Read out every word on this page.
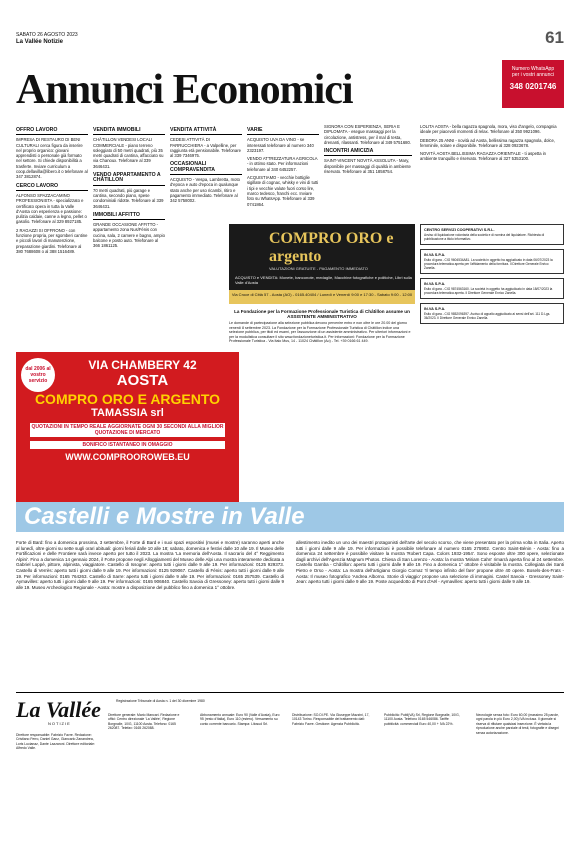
SABATO 26 AGOSTO 2023
La Vallée Notizie	61
Annunci Economici	Numero WhatsApp
per i vostri annunci
348 0201746
OFFRO LAVORO

IMPRESA DI RESTAURO DI BENI CULTURALI cerca figura da inserire nel proprio organico: giovani apprendisti o personale già formato nel settore. Si chiede disponibilità a trasferte. Inviare curriculum a coop.dellavilla@libero.it o telefonare al 347 3812874.

CERCO LAVORO

ALFONSO SPAZZACAMINO PROFESSIONISTA - specializzato e certificato opera in tutta la Valle d'Aosta con esperienza e passione: pulizia caldaie, canne a legno, pellet o gasolio. Telefonare al 329 8927185.

2 RAGAZZI SI OFFRONO - con funzione propria, per sgomberi cantine e piccoli lavori di manutenzione, preparazione giardini. Telefonare al 380 7688608 o al 388 1516489.

VENDITA IMMOBILI

CHÂTILLON VENDESI LOCALI COMMERCIALE - piano terreno soleggiato di 50 metri quadrati, più 35 metri quadrati di cantina, affacciato su via Chanoux. Telefonare al 339 3646431.

VENDO APPARTAMENTO A CHÂTILLON

70 metri quadrati, più garage e cantina, secondo piano, spese condominiali ridotte. Telefonare al 339 3646431.

IMMOBILI AFFITTO

GRANDE OCCASIONE AFFITTO - appartamento zona Nus/Fénis con cucina, sala, 2 camere e bagno, ampio balcone e posto auto. Telefonare al 366 1861125.

VENDITA ATTIVITÀ

CEDESI ATTIVITÀ DI PARRUCCHIERA - a Valpelline, per raggiunta età pensionabile. Telefonare al 339 7346975.

OCCASIONALI COMPRAVENDITA

ACQUISTO - Vespa, Lambretta, moto d'epoca e auto d'epoca in qualunque stato anche per uso ricambi, ritiro e pagamento immediato. Telefonare al 342 5758002.

VARIE

ACQUISTO UVA DA VINO - se interessati telefonare al numero 340 2323197.

VENDO ATTREZZATURA AGRICOLA - in ottimo stato. Per informazioni telefonare al 340 6452257.

ACQUISTIAMO - vecchie bottiglie sigillate di cognac, whisky e vini di tutti i tipi e vecchie valute fuori corso lire, marco tedesco, franchi ecc. Inviare foto su WhatsApp. Telefonare al 339 0741864.

SIGNORA CON ESPERIENZA, SERIA E DIPLOMATA - esegue massaggi per la circolazione, antistress, per il mal di testa, drenanti, rilassanti. Telefonare al 349 5751680.

INCONTRI AMICIZIA

SAINT-VINCENT NOVITÀ ASSOLUTA - Mary, disponibile per massaggi di qualità in ambiente riservato. Telefonare al 351 1858754.

LOLITA AOSTA - bella ragazza spagnola, mora, viso d'angelo, compagnia ideale per piacevoli momenti di relax. Telefonare al 350 9921096.

DEBORA 25 ANNI - novità ad Aosta, bellissima ragazza spagnola, dolce, femminile, solare e disponibile. Telefonare al 328 0923678.

NOVITÀ AOSTA BELLISSIMA RAGAZZA ORIENTALE - ti aspetta in ambiente tranquillo e riservato. Telefonare al 327 5353100.

dal 2006 al vostro servizio
VIA CHAMBERY 42
AOSTA
COMPRO ORO E ARGENTO
TAMASSIA srl
QUOTAZIONI IN TEMPO REALE AGGIORNATE OGNI 30 SECONDI ALLA MIGLIOR QUOTAZIONE DI MERCATO
BONIFICO ISTANTANEO IN OMAGGIO
WWW.COMPROOROWEB.EU
COMPRO ORO e argento
VALUTAZIONI GRATUITE - PAGAMENTO IMMEDIATO
ACQUISTO e VENDITA: Monete, banconote, medaglie, Macchine fotografiche e politiche, Libri sulla Valle d'Aosta
Via Croce di Città 57 - Aosta (AO) - 0165.40404 / Lunedì e Venerdì 9:00 e 17:30 - Sabato 9:00 - 12:00
La Fondazione per la Formazione Professionale Turistica di Châtillon assume un ASSISTENTE AMMINISTRATIVO
Le domande di partecipazione alla selezione pubblica devono pervenire entro e non oltre le ore 20.00 del giorno venerdì 8 settembre 2023. La Fondazione per la Formazione Professionale Turistica di Châtillon indice una selezione pubblica, per titoli ed esami, per l'assunzione di un assistente amministrativo. Per ulteriori informazioni e per la modulistica consultare il sito www.fondazioneturistica.it. Per informazioni: Fondazione per la Formazione Professionale Turistica - Via Italo Mus, 14 - 11024 Châtillon (Ao) - Tel. +39 0166 61 449.
CENTRO SERVIZI COOPERATIVI S.R.L.
Avviso di liquidazione volontaria della società e di nomina del liquidatore. Richiesta di pubblicazione a titolo informativo.
IN.VA S.P.A.
Esito di gara - CIG 9604534A81. La società in oggetto ha aggiudicato in data 06/07/2023 la procedura telematica aperta per l'affidamento della fornitura. Il Direttore Generale Enrico Zanella.
IN.VA S.P.A.
Esito di gara - CIG 9874563160. La società in oggetto ha aggiudicato in data 18/07/2023 la procedura telematica aperta. Il Direttore Generale Enrico Zanella.
IN.VA S.P.A.
Esito di gara - CIG 9852096397. Avviso di appalto aggiudicato ai sensi dell'art. 111 D.Lgs. 36/2023. Il Direttore Generale Enrico Zanella.
Castelli e Mostre in Valle
Forte di Bard: fino a domenica prossima, 3 settembre, il Forte di Bard e i suoi spazi espositivi (musei e mostre) saranno aperti anche al lunedì, oltre giorni su sette sugli orari abituali: giorni feriali dalle 10 alle 18; sabato, domenica e festivi dalle 10 alle 19. Il Museo delle Fortificazioni e delle Frontiere sarà invece aperto per tutto il 2023. La mostra 'La memoria dell'Aosta. Il sacrario del 4° Reggimento Alpini'. Fino a domenica 14 gennaio 2024, il Forte propone negli Alloggiamenti del Museo delle Alpi una mostra interamente dedicata a Gabriel Loppé, pittore, alpinista, viaggiatore. Castello di Issogne: aperto tutti i giorni dalle 9 alle 19. Per informazioni: 0125 929373. Castello di Verrès: aperto tutti i giorni dalle 9 alle 19. Per informazioni: 0125 929067. Castello di Fénis: aperto tutti i giorni dalle 9 alle 19. Per informazioni: 0165 764263. Castello di Sarre: aperto tutti i giorni dalle 9 alle 19. Per informazioni: 0165 257539. Castello di Aymavilles: aperto tutti i giorni dalle 9 alle 19. Per informazioni: 0165 906840. Castello Savoia di Gressoney: aperto tutti i giorni dalle 9 alle 19. Museo Archeologico Regionale - Aosta: mostre a disposizione del pubblico fino a domenica 1° ottobre.
allestimento inedito un uno dei maestri protagonisti dell'arte del secolo scorso, che viene presentato per la prima volta in Italia. Aperto tutti i giorni dalle 9 alle 19. Per informazioni è possibile telefonare al numero 0165 275902. Centro Saint-Bénin - Aosta: fino a domenica 24 settembre è possibile visitare la mostra 'Robert Capa. Colors 1932-1954'. Sono esposte oltre 300 opere, selezionate dagli archivi dell'Agenzia Magnum Photos. Chiesa di San Lorenzo - Aosta: la mostra 'Miriam Cahn' rimarrà aperta fino al 24 settembre. Castello Gamba - Châtillon: aperto tutti i giorni dalle 9 alle 19. Fino a domenica 1° ottobre è visitabile la mostra. Collegiata dei Santi Pietro e Orso - Aosta: La mostra dell'artigiano Giorgio Cornaz 'Il tempo infinito del fare' propone oltre 40 opere. Bosels-des-Frats - Aosta: Il museo fotografico 'Andrea Alborno. Storie di viaggio' propone una selezione di immagini. Castel Savoia - Gressoney Saint-Jean: aperto tutti i giorni dalle 9 alle 19. Poste acquedotto di Pont d'Aël - Aymavilles: aperto tutti i giorni dalle 9 alle 19.
La Vallée
NOTIZIE
Registrazione Tribunale di Aosta n. 1 del 30 dicembre 1980
Direttore responsabile: Fabrizio Favre. Redazione: Cristiano Ferro, Daniel Ganz, Giancarlo Zanandrea, Loris Lucianaz, Dante Lazzaroni. Direttore editoriale: Alfredo Valle.
Direttore generale: Mario Mancari. Redazione e uffici: Centro direzionale 'La Vallée', Regione Borgnalle, 10/G, 11100 Aosta. Telefono: 0165 262087. Telefax: 0165 262088.
Abbonamento annuale: Euro 90 (Valle d'Aosta), Euro 95 (resto d'Italia), Euro 110 (estero). Versamento su conto corrente bancario. Stampa: Litosud Srl.
Distribuzione: SO.DI.PE. Via Giuseppe Mazzini, 17, 10143 Torino. Responsabile del trattamento dati: Fabrizio Favre. Gestione: Agenzia Pubblicità.
Pubblicità: Publi(VA) Srl, Regione Borgnalle, 10/G, 11100 Aosta. Telefono 0165 546086. Tariffe pubblicità: commerciali Euro 40,00 + IVA 22%.
Necrologie senza foto: Euro 60,00 (massimo 25 parole, ogni parola in più Euro 2,00) IVA inclusa. Il giornale si riserva di rifiutare qualsiasi inserzione. È vietata la riproduzione anche parziale di testi, fotografie e disegni senza autorizzazione.
